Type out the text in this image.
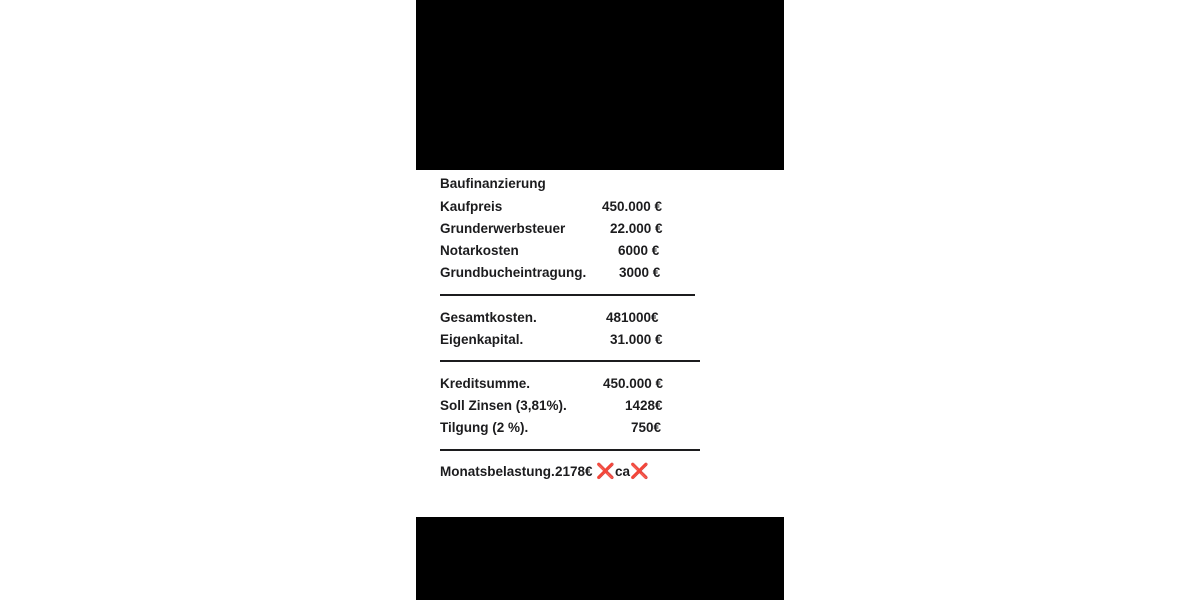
Baufinanzierung
Kaufpreis	450.000 €
Grunderwerbsteuer	22.000 €
Notarkosten	6000 €
Grundbucheintragung. 3000 €
Gesamtkosten.	481000€
Eigenkapital.	31.000 €
Kreditsumme.	450.000 €
Soll Zinsen (3,81%).	1428€
Tilgung (2 %).	750€
Monatsbelastung. 2178€ ❌ca❌
